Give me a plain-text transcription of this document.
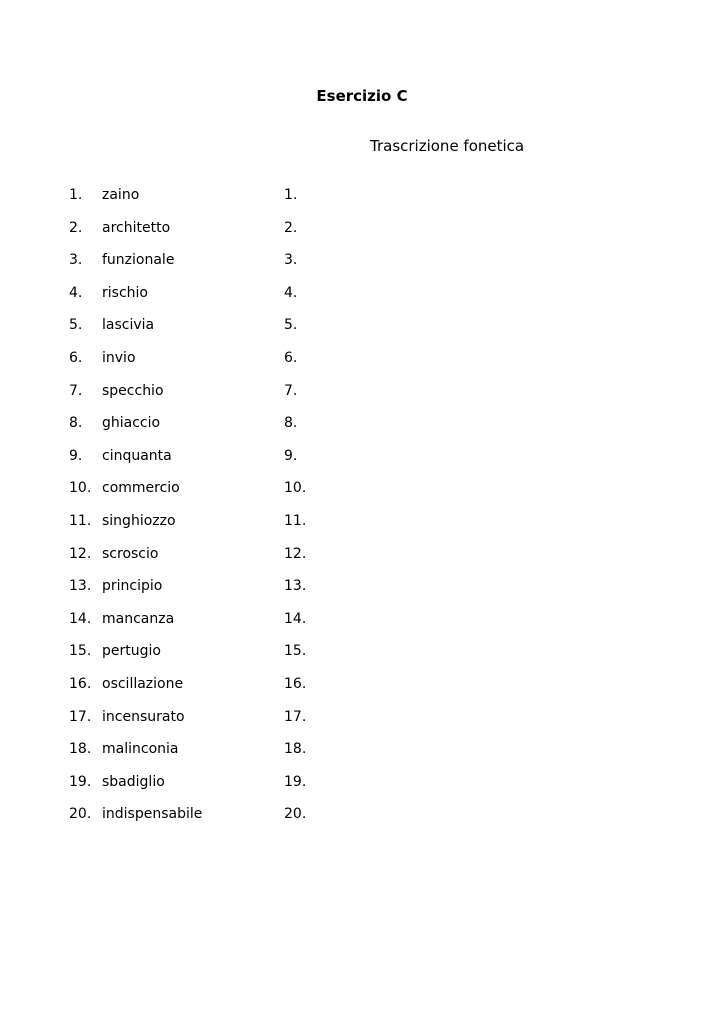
Esercizio C
Trascrizione fonetica
1. zaino	1.
2. architetto	2.
3. funzionale	3.
4. rischio	4.
5. lascivia	5.
6. invio	6.
7. specchio	7.
8. ghiaccio	8.
9. cinquanta	9.
10. commercio	10.
11. singhiozzo	11.
12. scroscio	12.
13. principio	13.
14. mancanza	14.
15. pertugio	15.
16. oscillazione	16.
17. incensurato	17.
18. malinconia	18.
19. sbadiglio	19.
20. indispensabile	20.
